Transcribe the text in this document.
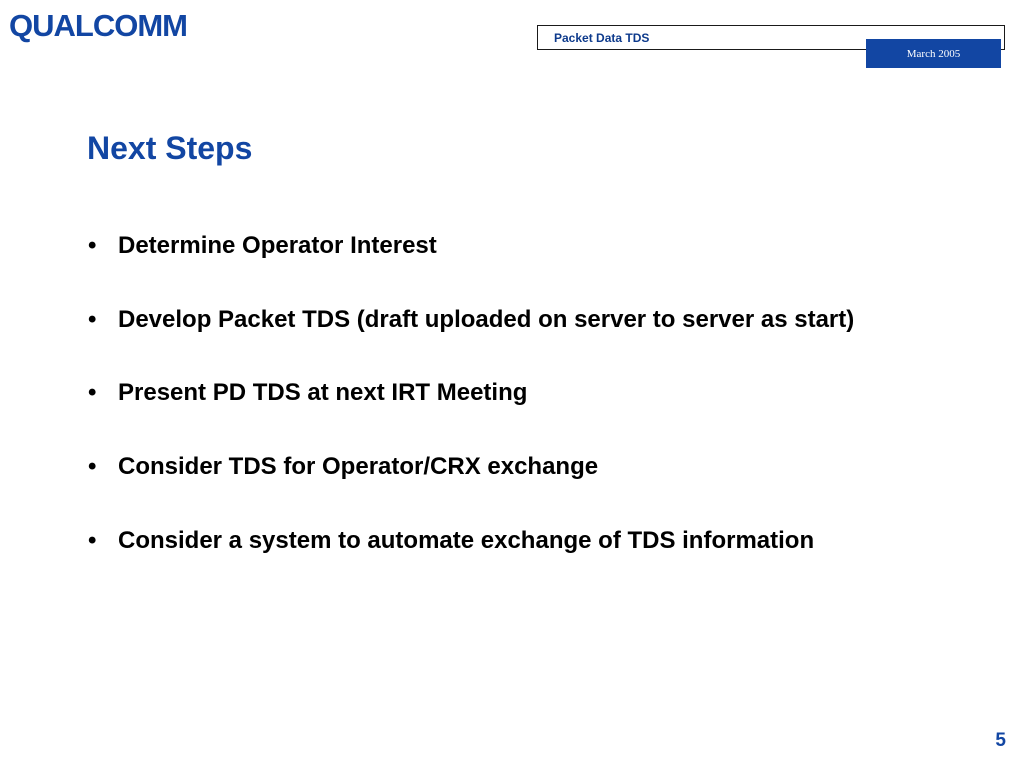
QUALCOMM	Packet Data TDS
March 2005
Next Steps
• Determine Operator Interest
• Develop Packet TDS (draft uploaded on server to server as start)
• Present PD TDS at next IRT Meeting
• Consider TDS for Operator/CRX exchange
• Consider a system to automate exchange of TDS information
5
